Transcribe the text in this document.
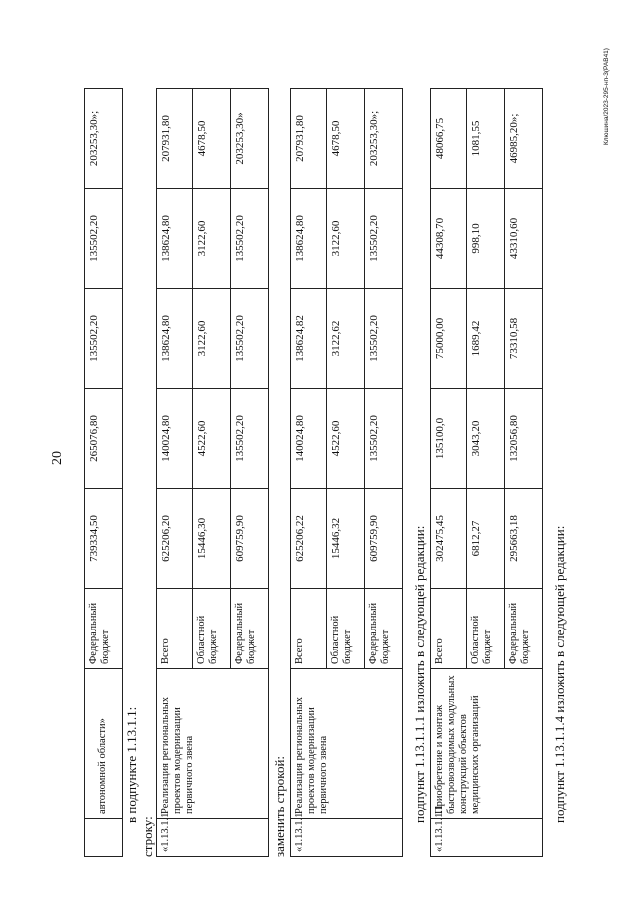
20
	автономной области»	Федеральный бюджет	739334,50	265076,80	135502,20	135502,20	203253,30»;
в подпункте 1.13.1.1:
строку: «1.13.1.1	Реализация региональных проектов модернизации первичного звена	Всего	625206,20	140024,80	138624,80	138624,80	207931,80
		Областной бюджет	15446,30	4522,60	3122,60	3122,60	4678,50
		Федеральный бюджет	609759,90	135502,20	135502,20	135502,20	203253,30»
заменить строкой: «1.13.1.1	Реализация региональных проектов модернизации первичного звена	Всего	625206,22	140024,80	138624,82	138624,80	207931,80
		Областной бюджет	15446,32	4522,60	3122,62	3122,60	4678,50
		Федеральный бюджет	609759,90	135502,20	135502,20	135502,20	203253,30»;
подпункт 1.13.1.1.1 изложить в следующей редакции:
«1.13.1.1.1	Приобретение и монтаж быстровозводимых модульных конструкций объектов медицинских организаций	Всего	302475,45	135100,0	75000,00	44308,70	48066,75
		Областной бюджет	6812,27	3043,20	1689,42	998,10	1081,55
		Федеральный бюджет	295663,18	132056,80	73310,58	43310,60	46985,20»;
подпункт 1.13.1.1.4 изложить в следующей редакции:
Клюшина/2023-295-нп-3(РАВ41)
